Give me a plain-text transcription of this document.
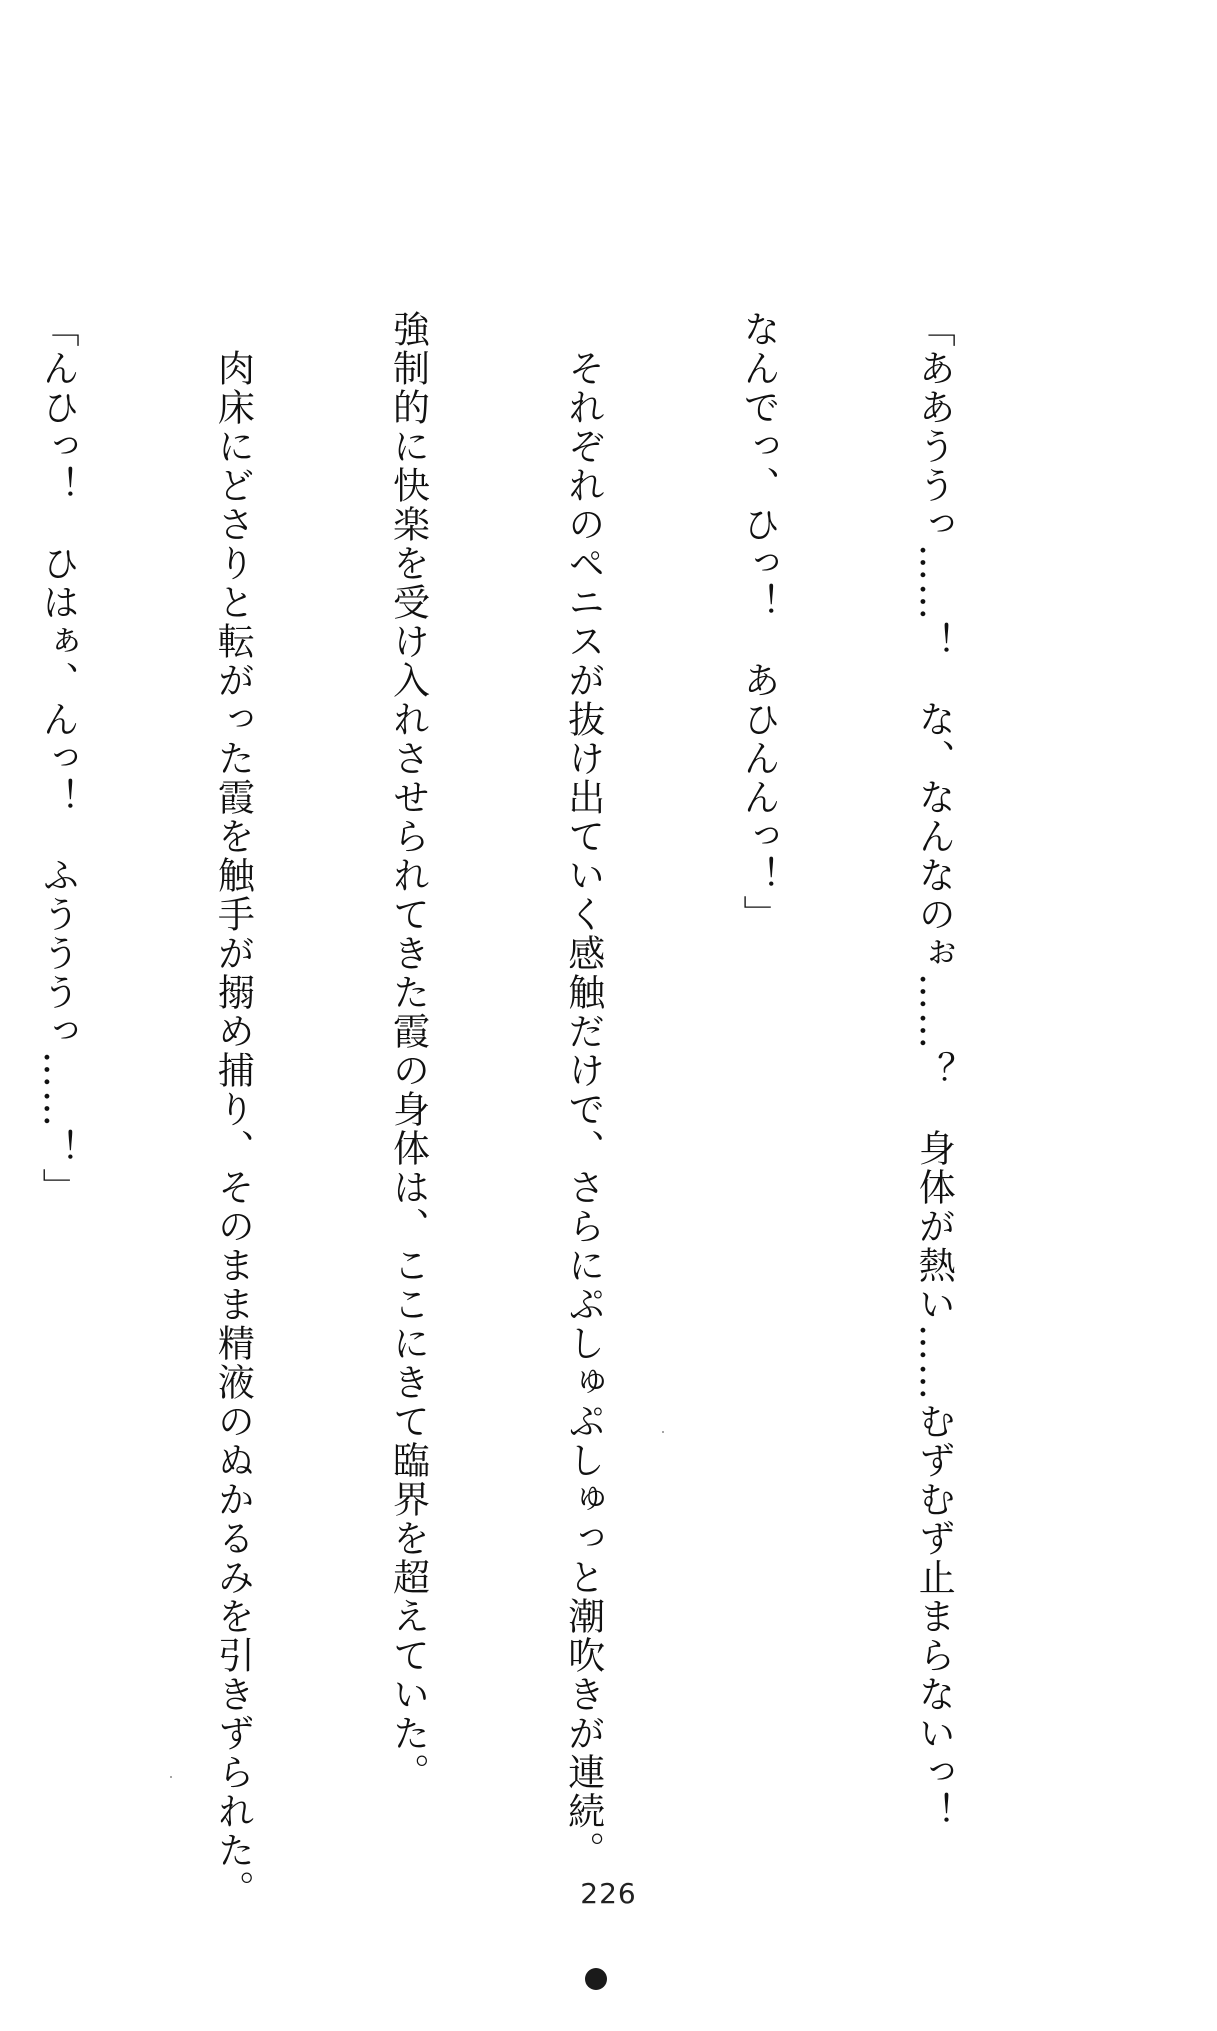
「ああううっ……！　な、なんなのぉ……？　身体が熱い……むずむず止まらないっ！

なんでっ、ひっ！　あひんんっ！」

　それぞれのペニスが抜け出ていく感触だけで、さらにぷしゅぷしゅっと潮吹きが連続。

強制的に快楽を受け入れさせられてきた霞の身体は、ここにきて臨界を超えていた。

　肉床にどさりと転がった霞を触手が搦め捕り、そのまま精液のぬかるみを引きずられた。

「んひっ！　ひはぁ、んっ！　ふうううっ……！」

226
